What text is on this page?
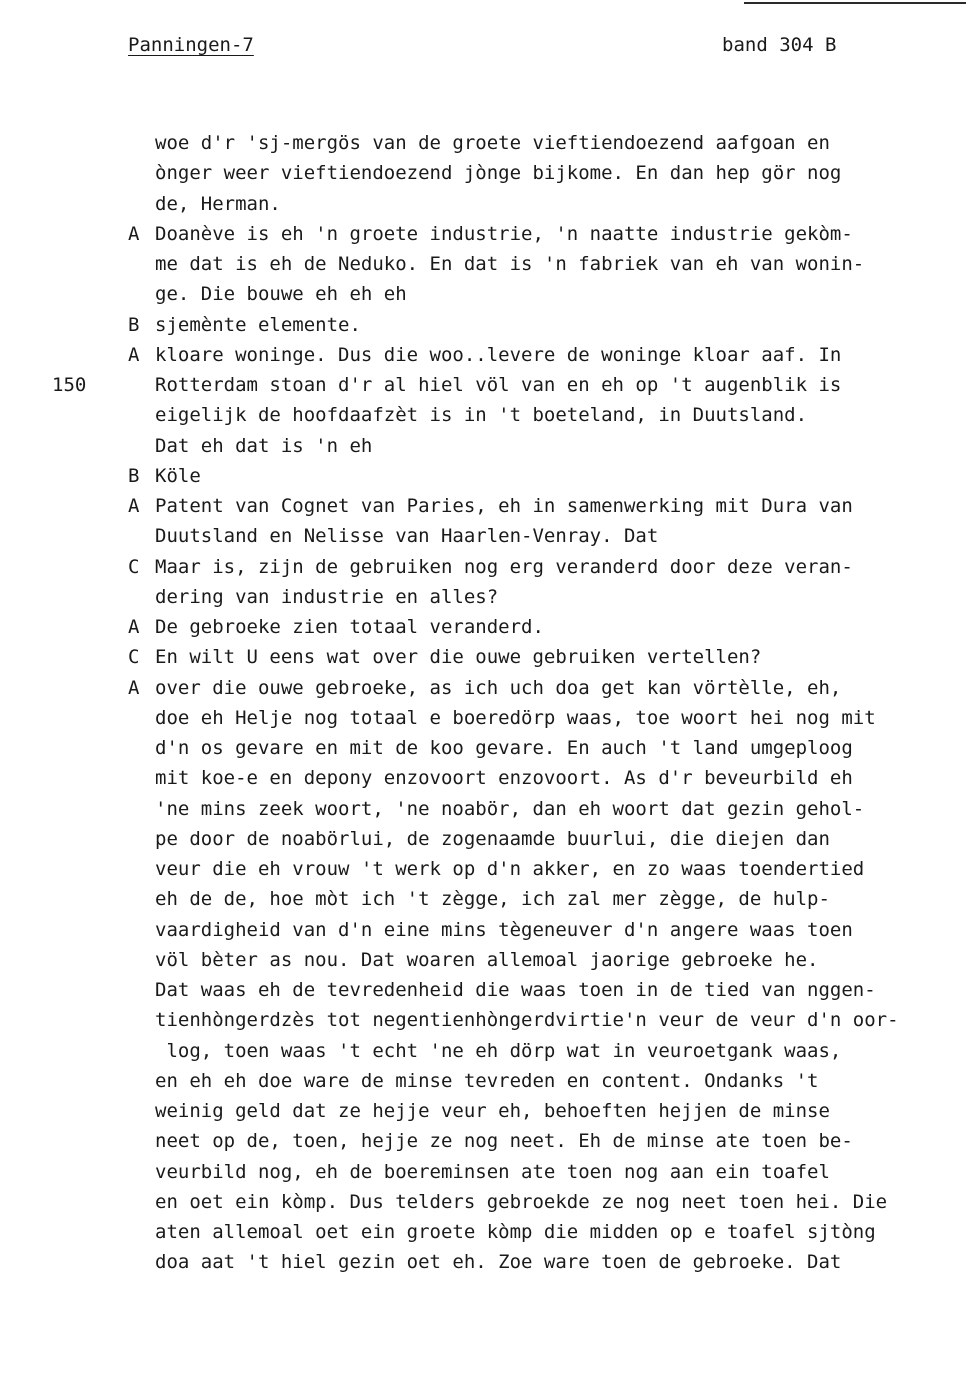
Panningen-7	band 304 B
woe d'r 'sj-mergös van de groete vieftiendoezend aafgoan en
ònger weer vieftiendoezend jònge bijkome. En dan hep gör nog
de, Herman.
A Doanève is eh 'n groete industrie, 'n naatte industrie gekòm-
me dat is eh de Neduko. En dat is 'n fabriek van eh van wonin-
ge. Die bouwe eh eh eh
B sjemènte elemente.
A kloare woninge. Dus die woo..levere de woninge kloar aaf. In
150	Rotterdam stoan d'r al hiel völ van en eh op 't augenblik is
eigelijk de hoofdaafzèt is in 't boeteland, in Duutsland.
Dat eh dat is 'n eh
B Köle
A Patent van Cognet van Paries, eh in samenwerking mit Dura van
Duutsland en Nelisse van Haarlen-Venray. Dat
C Maar is, zijn de gebruiken nog erg veranderd door deze veran-
dering van industrie en alles?
A De gebroeke zien totaal veranderd.
C En wilt U eens wat over die ouwe gebruiken vertellen?
A over die ouwe gebroeke, as ich uch doa get kan vörtèlle, eh,
doe eh Helje nog totaal e boeredörp waas, toe woort hei nog mit
d'n os gevare en mit de koo gevare. En auch 't land umgeploog
mit koe-e en depony enzovoort enzovoort. As d'r beveurbild eh
'ne mins zeek woort, 'ne noabör, dan eh woort dat gezin gehol-
pe door de noabörlui, de zogenaamde buurlui, die diejen dan
veur die eh vrouw 't werk op d'n akker, en zo waas toendertied
eh de de, hoe mòt ich 't zègge, ich zal mer zègge, de hulp-
vaardigheid van d'n eine mins tègeneuver d'n angere waas toen
völ bèter as nou. Dat woaren allemoal jaorige gebroeke he.
Dat waas eh de tevredenheid die waas toen in de tied van nggen-
tienhòngerdzès tot negentienhòngerdvirtie'n veur de veur d'n oor-
log, toen waas 't echt 'ne eh dörp wat in veuroetgank waas,
en eh eh doe ware de minse tevreden en content. Ondanks 't
weinig geld dat ze hejje veur eh, behoeften hejjen de minse
neet op de, toen, hejje ze nog neet. Eh de minse ate toen be-
veurbild nog, eh de boereminsen ate toen nog aan ein toafel
en oet ein kòmp. Dus telders gebroekde ze nog neet toen hei. Die
aten allemoal oet ein groete kòmp die midden op e toafel sjtòng
doa aat 't hiel gezin oet eh. Zoe ware toen de gebroeke. Dat
